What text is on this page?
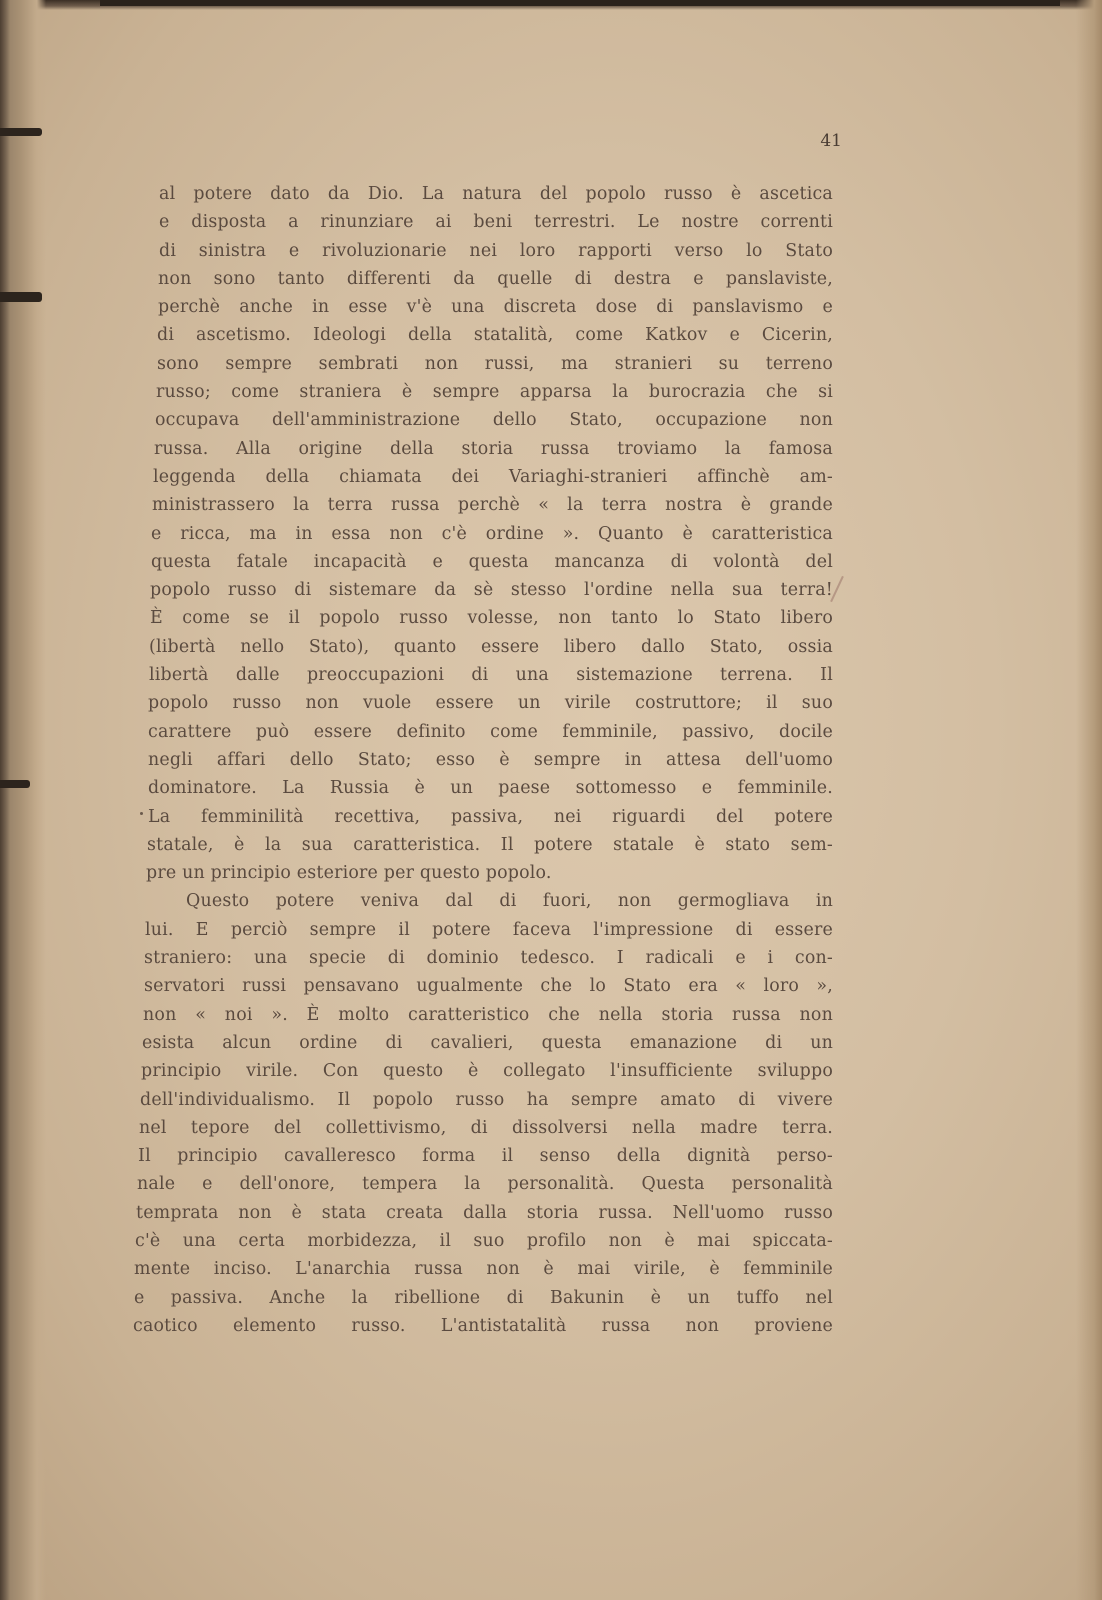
41
al potere dato da Dio. La natura del popolo russo è ascetica
e disposta a rinunziare ai beni terrestri. Le nostre correnti
di sinistra e rivoluzionarie nei loro rapporti verso lo Stato
non sono tanto differenti da quelle di destra e panslaviste,
perchè anche in esse v'è una discreta dose di panslavismo e
di ascetismo. Ideologi della statalità, come Katkov e Cicerin,
sono sempre sembrati non russi, ma stranieri su terreno
russo; come straniera è sempre apparsa la burocrazia che si
occupava dell'amministrazione dello Stato, occupazione non
russa. Alla origine della storia russa troviamo la famosa
leggenda della chiamata dei Variaghi-stranieri affinchè am-
ministrassero la terra russa perchè « la terra nostra è grande
e ricca, ma in essa non c'è ordine ». Quanto è caratteristica
questa fatale incapacità e questa mancanza di volontà del
popolo russo di sistemare da sè stesso l'ordine nella sua terra!
È come se il popolo russo volesse, non tanto lo Stato libero
(libertà nello Stato), quanto essere libero dallo Stato, ossia
libertà dalle preoccupazioni di una sistemazione terrena. Il
popolo russo non vuole essere un virile costruttore; il suo
carattere può essere definito come femminile, passivo, docile
negli affari dello Stato; esso è sempre in attesa dell'uomo
dominatore. La Russia è un paese sottomesso e femminile.
La femminilità recettiva, passiva, nei riguardi del potere
statale, è la sua caratteristica. Il potere statale è stato sem-
pre un principio esteriore per questo popolo.
Questo potere veniva dal di fuori, non germogliava in
lui. E perciò sempre il potere faceva l'impressione di essere
straniero: una specie di dominio tedesco. I radicali e i con-
servatori russi pensavano ugualmente che lo Stato era « loro »,
non « noi ». È molto caratteristico che nella storia russa non
esista alcun ordine di cavalieri, questa emanazione di un
principio virile. Con questo è collegato l'insufficiente sviluppo
dell'individualismo. Il popolo russo ha sempre amato di vivere
nel tepore del collettivismo, di dissolversi nella madre terra.
Il principio cavalleresco forma il senso della dignità perso-
nale e dell'onore, tempera la personalità. Questa personalità
temprata non è stata creata dalla storia russa. Nell'uomo russo
c'è una certa morbidezza, il suo profilo non è mai spiccata-
mente inciso. L'anarchia russa non è mai virile, è femminile
e passiva. Anche la ribellione di Bakunin è un tuffo nel
caotico elemento russo. L'antistatalità russa non proviene
